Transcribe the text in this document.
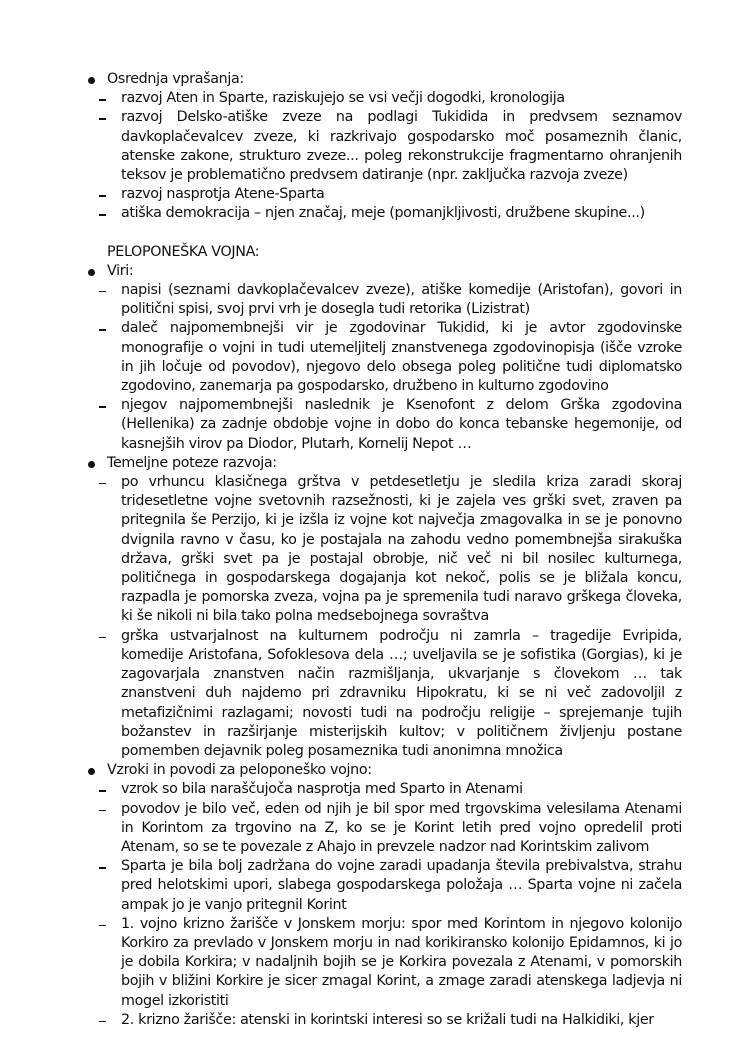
Osrednja vprašanja:
razvoj Aten in Sparte, raziskujejo se vsi večji dogodki, kronologija
razvoj Delsko-atiške zveze na podlagi Tukidida in predvsem seznamov davkoplačevalcev zveze, ki razkrivajo gospodarsko moč posameznih članic, atenske zakone, strukturo zveze... poleg rekonstrukcije fragmentarno ohranjenih teksov je problematično predvsem datiranje (npr. zaključka razvoja zveze)
razvoj nasprotja Atene-Sparta
atiška demokracija – njen značaj, meje (pomanjkljivosti, družbene skupine...)
PELOPONEŠKA VOJNA:
Viri:
napisi (seznami davkoplačevalcev zveze), atiške komedije (Aristofan), govori in politični spisi, svoj prvi vrh je dosegla tudi retorika (Lizistrat)
daleč najpomembnejši vir je zgodovinar Tukidid, ki je avtor zgodovinske monografije o vojni in tudi utemeljitelj znanstvenega zgodovinopisja (išče vzroke in jih ločuje od povodov), njegovo delo obsega poleg politične tudi diplomatsko zgodovino, zanemarja pa gospodarsko, družbeno in kulturno zgodovino
njegov najpomembnejši naslednik je Ksenofont z delom Grška zgodovina (Hellenika) za zadnje obdobje vojne in dobo do konca tebanske hegemonije, od kasnejših virov pa Diodor, Plutarh, Kornelij Nepot …
Temeljne poteze razvoja:
po vrhuncu klasičnega grštva v petdesetletju je sledila kriza zaradi skoraj tridesetletne vojne svetovnih razsežnosti, ki je zajela ves grški svet, zraven pa pritegnila še Perzijo, ki je izšla iz vojne kot največja zmagovalka in se je ponovno dvignila ravno v času, ko je postajala na zahodu vedno pomembnejša sirakuška država, grški svet pa je postajal obrobje, nič več ni bil nosilec kulturnega, političnega in gospodarskega dogajanja kot nekoč, polis se je bližala koncu, razpadla je pomorska zveza, vojna pa je spremenila tudi naravo grškega človeka, ki še nikoli ni bila tako polna medsebojnega sovraštva
grška ustvarjalnost na kulturnem področju ni zamrla – tragedije Evripida, komedije Aristofana, Sofoklesova dela …; uveljavila se je sofistika (Gorgias), ki je zagovarjala znanstven način razmišljanja, ukvarjanje s človekom … tak znanstveni duh najdemo pri zdravniku Hipokratu, ki se ni več zadovoljil z metafizičnimi razlagami; novosti tudi na področju religije – sprejemanje tujih božanstev in razširjanje misterijskih kultov; v političnem življenju postane pomemben dejavnik poleg posameznika tudi anonimna množica
Vzroki in povodi za peloponeško vojno:
vzrok so bila naraščujoča nasprotja med Sparto in Atenami
povodov je bilo več, eden od njih je bil spor med trgovskima velesilama Atenami in Korintom za trgovino na Z, ko se je Korint letih pred vojno opredelil proti Atenam, so se te povezale z Ahajo in prevzele nadzor nad Korintskim zalivom
Sparta je bila bolj zadržana do vojne zaradi upadanja števila prebivalstva, strahu pred helotskimi upori, slabega gospodarskega položaja … Sparta vojne ni začela ampak jo je vanjo pritegnil Korint
1. vojno krizno žarišče v Jonskem morju: spor med Korintom in njegovo kolonijo Korkiro za prevlado v Jonskem morju in nad korikiransko kolonijo Epidamnos, ki jo je dobila Korkira; v nadaljnih bojih se je Korkira povezala z Atenami, v pomorskih bojih v bližini Korkire je sicer zmagal Korint, a zmage zaradi atenskega ladjevja ni mogel izkoristiti
2. krizno žarišče: atenski in korintski interesi so se križali tudi na Halkidiki, kjer
